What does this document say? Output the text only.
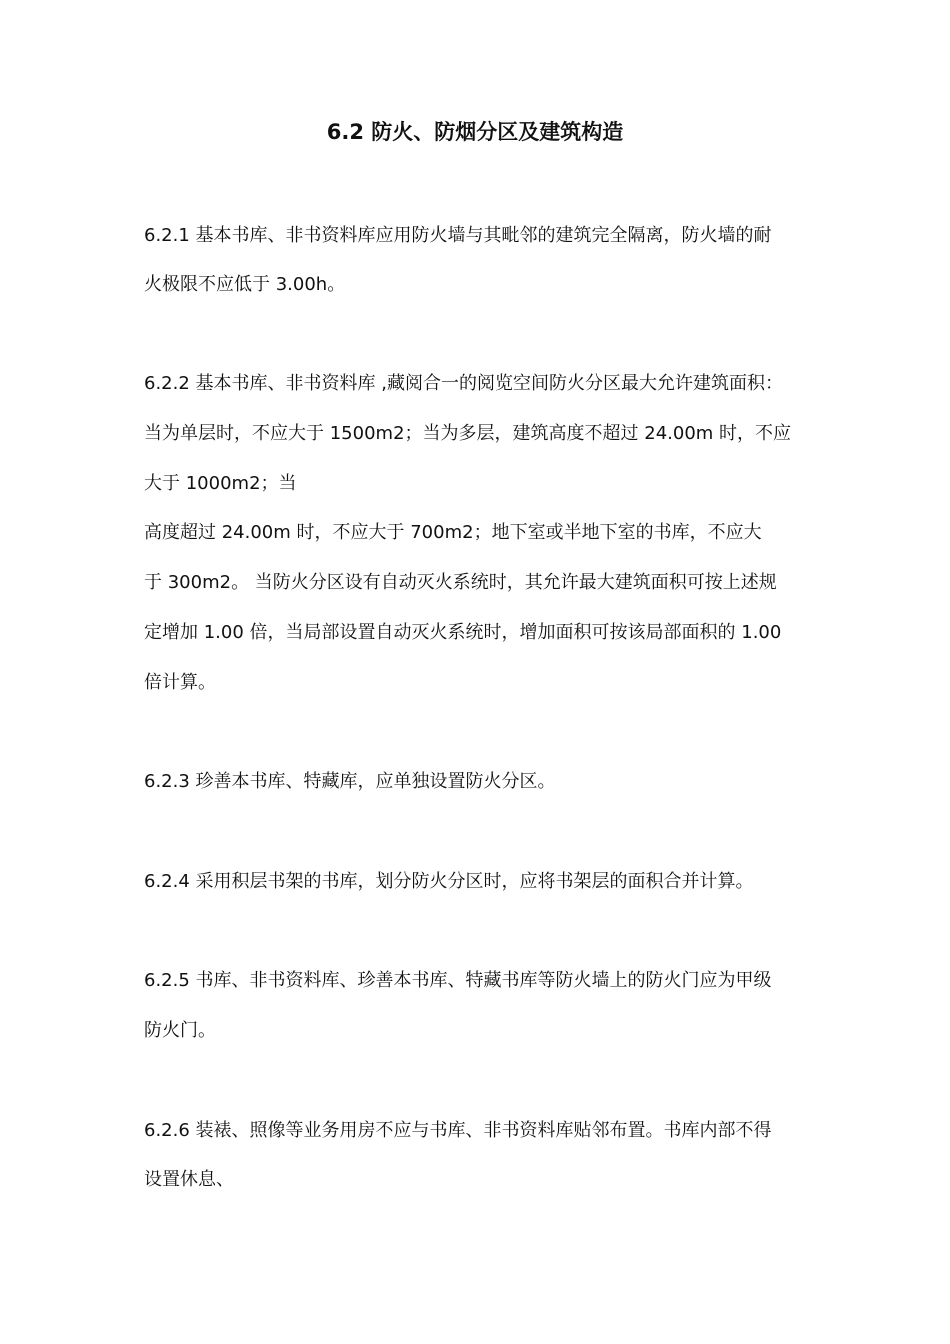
6.2 防火、防烟分区及建筑构造
6.2.1 基本书库、非书资料库应用防火墙与其毗邻的建筑完全隔离，防火墙的耐
火极限不应低于 3.00h。
6.2.2 基本书库、非书资料库 ,藏阅合一的阅览空间防火分区最大允许建筑面积：
当为单层时，不应大于 1500m2；当为多层，建筑高度不超过 24.00m 时，不应
大于 1000m2；当
高度超过 24.00m 时，不应大于 700m2；地下室或半地下室的书库，不应大
于 300m2。 当防火分区设有自动灭火系统时，其允许最大建筑面积可按上述规
定增加 1.00 倍，当局部设置自动灭火系统时，增加面积可按该局部面积的 1.00
倍计算。
6.2.3 珍善本书库、特藏库，应单独设置防火分区。
6.2.4 采用积层书架的书库，划分防火分区时，应将书架层的面积合并计算。
6.2.5 书库、非书资料库、珍善本书库、特藏书库等防火墙上的防火门应为甲级
防火门。
6.2.6 装裱、照像等业务用房不应与书库、非书资料库贴邻布置。书库内部不得
设置休息、
